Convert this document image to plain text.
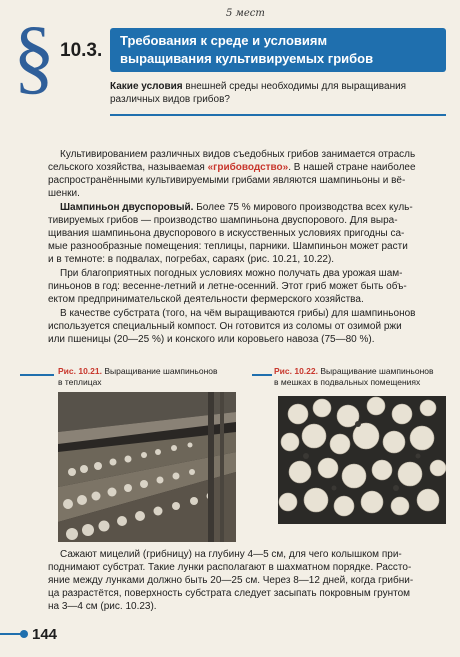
§ 10.3.
5 мест
Требования к среде и условиям
выращивания культивируемых грибов
Какие условия внешней среды необходимы для выращивания
различных видов грибов?
Культивированием различных видов съедобных грибов занимается отрасль
сельского хозяйства, называемая «грибоводство». В нашей стране наиболее
распространёнными культивируемыми грибами являются шампиньоны и вё-
шенки.
Шампиньон двуспоровый. Более 75 % мирового производства всех куль-
тивируемых грибов — производство шампиньона двуспорового. Для выра-
щивания шампиньона двуспорового в искусственных условиях пригодны са-
мые разнообразные помещения: теплицы, парники. Шампиньон может расти
и в темноте: в подвалах, погребах, сараях (рис. 10.21, 10.22).
При благоприятных погодных условиях можно получать два урожая шам-
пиньонов в год: весенне-летний и летне-осенний. Этот гриб может быть объ-
ектом предпринимательской деятельности фермерского хозяйства.
В качестве субстрата (того, на чём выращиваются грибы) для шампиньонов
используется специальный компост. Он готовится из соломы от озимой ржи
или пшеницы (20—25 %) и конского или коровьего навоза (75—80 %).
Рис. 10.21. Выращивание шампиньонов
в теплицах
Рис. 10.22. Выращивание шампиньонов
в мешках в подвальных помещениях
Сажают мицелий (грибницу) на глубину 4—5 см, для чего колышком при-
поднимают субстрат. Такие лунки располагают в шахматном порядке. Рассто-
яние между лунками должно быть 20—25 см. Через 8—12 дней, когда грибни-
ца разрастётся, поверхность субстрата следует засыпать покровным грунтом
на 3—4 см (рис. 10.23).
144
